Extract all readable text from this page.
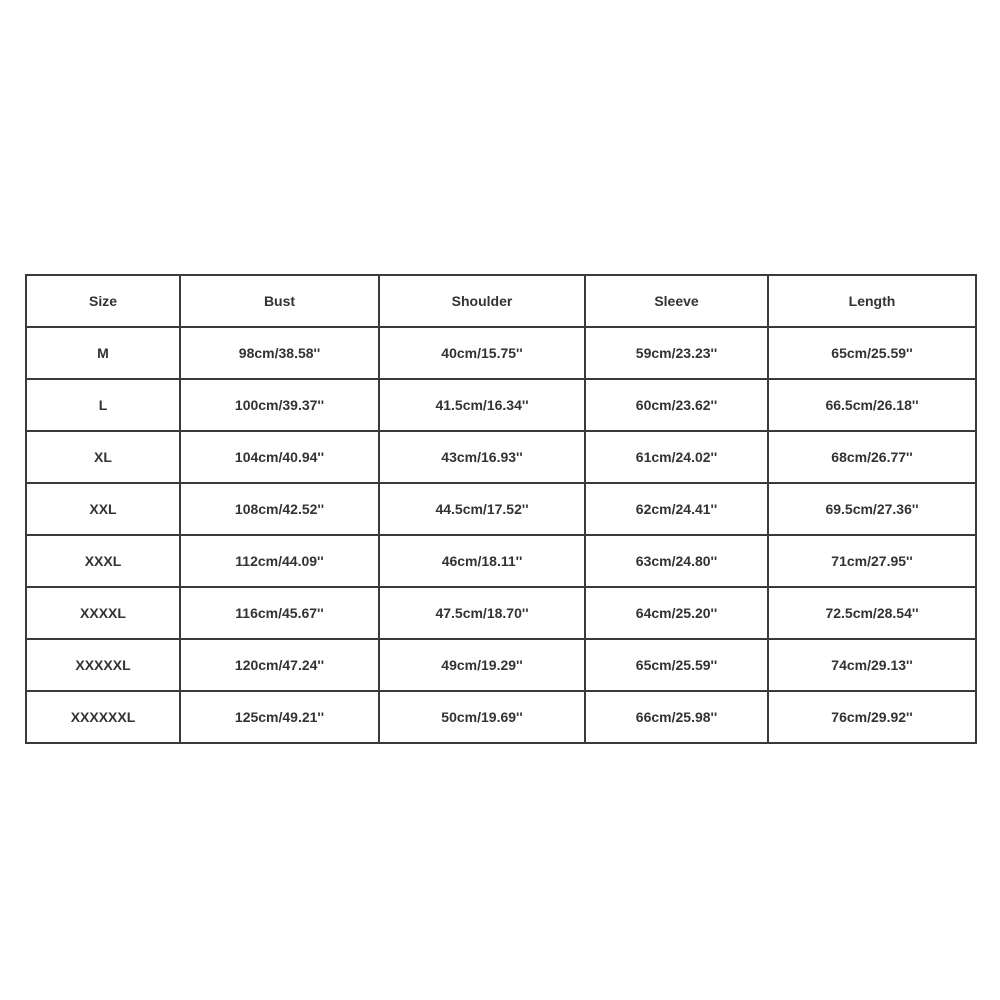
Size	Bust	Shoulder	Sleeve	Length
M	98cm/38.58''	40cm/15.75''	59cm/23.23''	65cm/25.59''
L	100cm/39.37''	41.5cm/16.34''	60cm/23.62''	66.5cm/26.18''
XL	104cm/40.94''	43cm/16.93''	61cm/24.02''	68cm/26.77''
XXL	108cm/42.52''	44.5cm/17.52''	62cm/24.41''	69.5cm/27.36''
XXXL	112cm/44.09''	46cm/18.11''	63cm/24.80''	71cm/27.95''
XXXXL	116cm/45.67''	47.5cm/18.70''	64cm/25.20''	72.5cm/28.54''
XXXXXL	120cm/47.24''	49cm/19.29''	65cm/25.59''	74cm/29.13''
XXXXXXL	125cm/49.21''	50cm/19.69''	66cm/25.98''	76cm/29.92''
